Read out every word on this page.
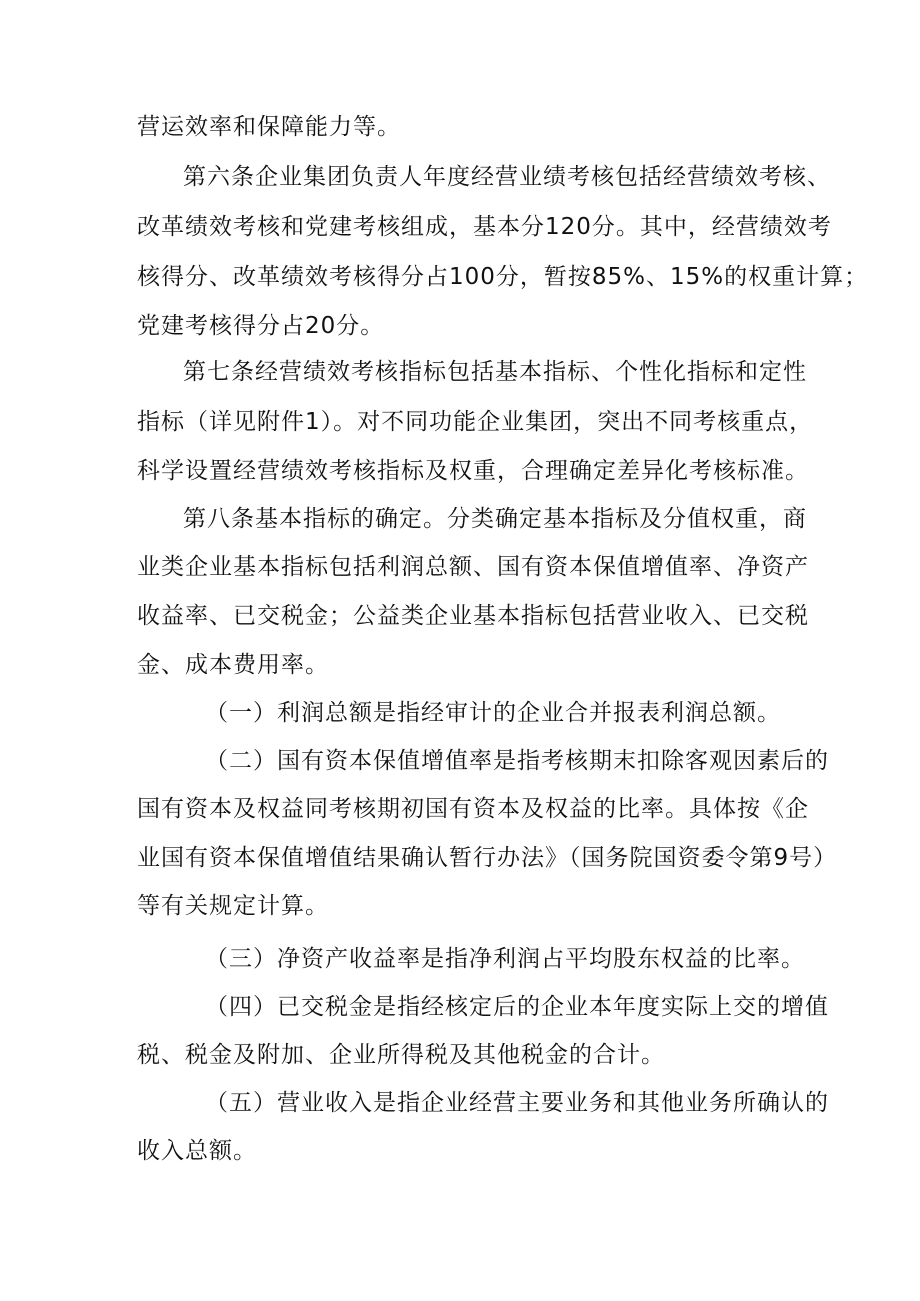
营运效率和保障能力等。
第六条企业集团负责人年度经营业绩考核包括经营绩效考核、
改革绩效考核和党建考核组成，基本分120分。其中，经营绩效考
核得分、改革绩效考核得分占100分，暂按85%、15%的权重计算；
党建考核得分占20分。
第七条经营绩效考核指标包括基本指标、个性化指标和定性
指标（详见附件1）。对不同功能企业集团，突出不同考核重点，
科学设置经营绩效考核指标及权重，合理确定差异化考核标准。
第八条基本指标的确定。分类确定基本指标及分值权重，商
业类企业基本指标包括利润总额、国有资本保值增值率、净资产
收益率、已交税金；公益类企业基本指标包括营业收入、已交税
金、成本费用率。
（一）利润总额是指经审计的企业合并报表利润总额。
（二）国有资本保值增值率是指考核期末扣除客观因素后的
国有资本及权益同考核期初国有资本及权益的比率。具体按《企
业国有资本保值增值结果确认暂行办法》（国务院国资委令第9号）
等有关规定计算。
（三）净资产收益率是指净利润占平均股东权益的比率。
（四）已交税金是指经核定后的企业本年度实际上交的增值
税、税金及附加、企业所得税及其他税金的合计。
（五）营业收入是指企业经营主要业务和其他业务所确认的
收入总额。
